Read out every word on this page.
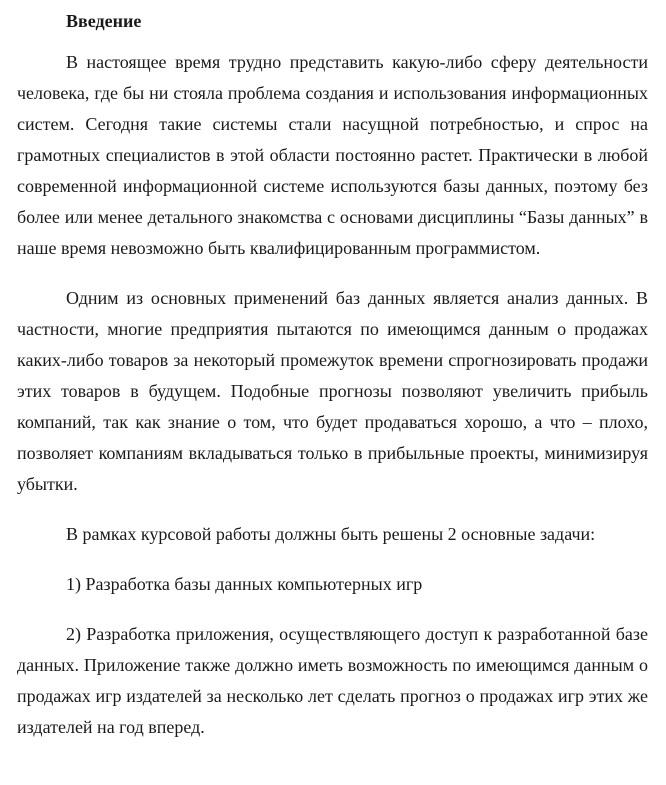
Введение

В настоящее время трудно представить какую-либо сферу деятельности человека, где бы ни стояла проблема создания и использования информационных систем. Сегодня такие системы стали насущной потребностью, и спрос на грамотных специалистов в этой области постоянно растет. Практически в любой современной информационной системе используются базы данных, поэтому без более или менее детального знакомства с основами дисциплины “Базы данных” в наше время невозможно быть квалифицированным программистом.

Одним из основных применений баз данных является анализ данных. В частности, многие предприятия пытаются по имеющимся данным о продажах каких-либо товаров за некоторый промежуток времени спрогнозировать продажи этих товаров в будущем. Подобные прогнозы позволяют увеличить прибыль компаний, так как знание о том, что будет продаваться хорошо, а что – плохо, позволяет компаниям вкладываться только в прибыльные проекты, минимизируя убытки.

В рамках курсовой работы должны быть решены 2 основные задачи:

1) Разработка базы данных компьютерных игр

2) Разработка приложения, осуществляющего доступ к разработанной базе данных. Приложение также должно иметь возможность по имеющимся данным о продажах игр издателей за несколько лет сделать прогноз о продажах игр этих же издателей на год вперед.
